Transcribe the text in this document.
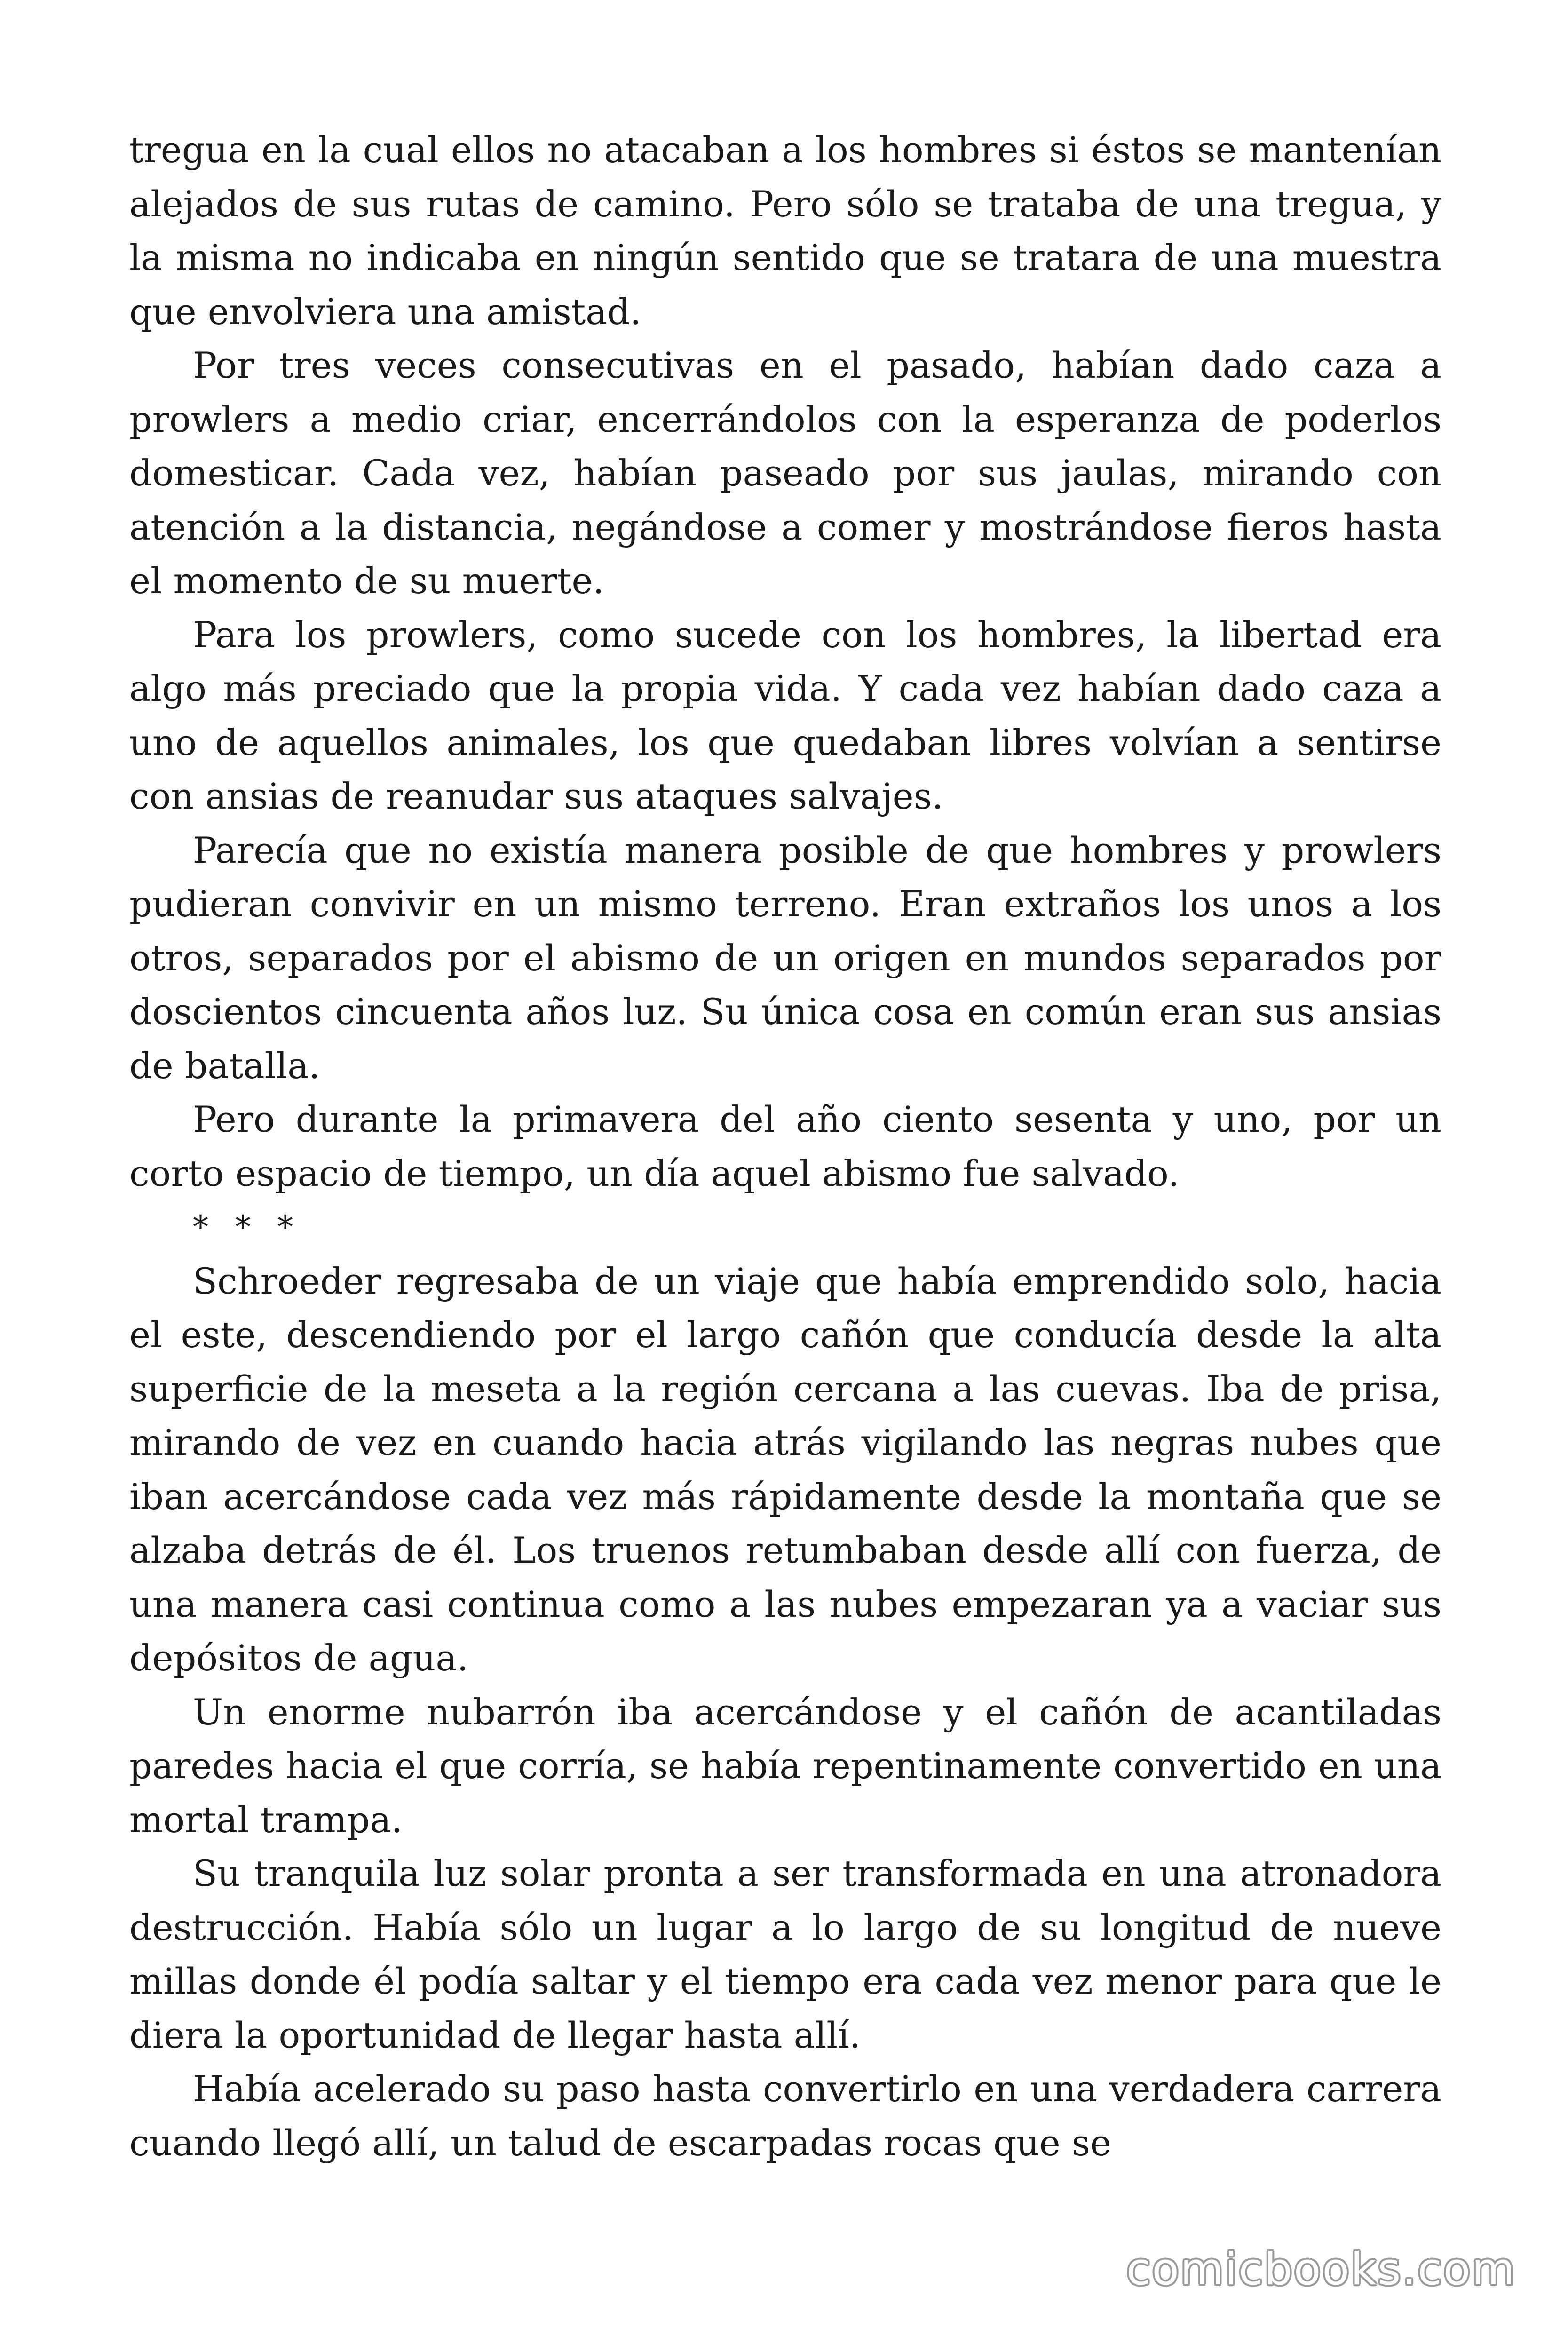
tregua en la cual ellos no atacaban a los hombres si éstos se mantenían alejados de sus rutas de camino. Pero sólo se trataba de una tregua, y la misma no indicaba en ningún sentido que se tratara de una muestra que envolviera una amistad.

Por tres veces consecutivas en el pasado, habían dado caza a prowlers a medio criar, encerrándolos con la esperanza de poderlos domesticar. Cada vez, habían paseado por sus jaulas, mirando con atención a la distancia, negándose a comer y mostrándose fieros hasta el momento de su muerte.

Para los prowlers, como sucede con los hombres, la libertad era algo más preciado que la propia vida. Y cada vez habían dado caza a uno de aquellos animales, los que quedaban libres volvían a sentirse con ansias de reanudar sus ataques salvajes.

Parecía que no existía manera posible de que hombres y prowlers pudieran convivir en un mismo terreno. Eran extraños los unos a los otros, separados por el abismo de un origen en mundos separados por doscientos cincuenta años luz. Su única cosa en común eran sus ansias de batalla.

Pero durante la primavera del año ciento sesenta y uno, por un corto espacio de tiempo, un día aquel abismo fue salvado.

* * *

Schroeder regresaba de un viaje que había emprendido solo, hacia el este, descendiendo por el largo cañón que conducía desde la alta superficie de la meseta a la región cercana a las cuevas. Iba de prisa, mirando de vez en cuando hacia atrás vigilando las negras nubes que iban acercándose cada vez más rápidamente desde la montaña que se alzaba detrás de él. Los truenos retumbaban desde allí con fuerza, de una manera casi continua como a las nubes empezaran ya a vaciar sus depósitos de agua.

Un enorme nubarrón iba acercándose y el cañón de acantiladas paredes hacia el que corría, se había repentinamente convertido en una mortal trampa.

Su tranquila luz solar pronta a ser transformada en una atronadora destrucción. Había sólo un lugar a lo largo de su longitud de nueve millas donde él podía saltar y el tiempo era cada vez menor para que le diera la oportunidad de llegar hasta allí.

Había acelerado su paso hasta convertirlo en una verdadera carrera cuando llegó allí, un talud de escarpadas rocas que se

comicbooks.com
